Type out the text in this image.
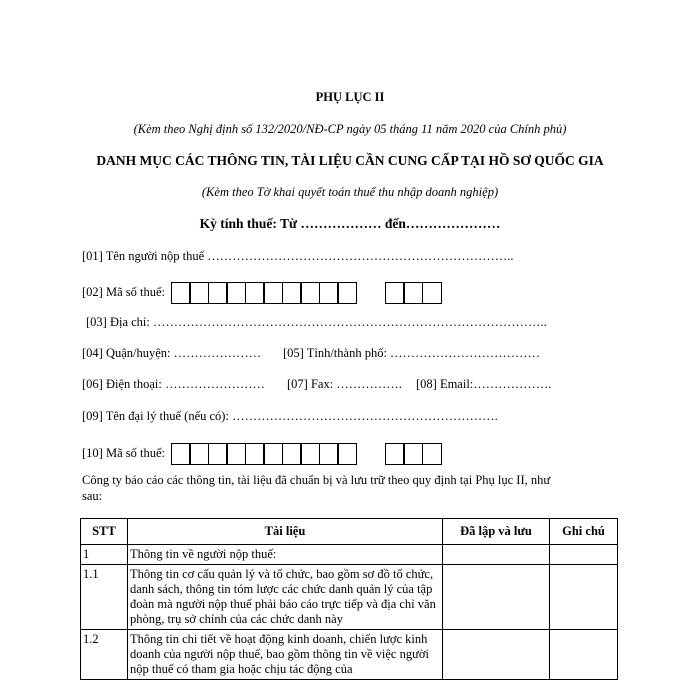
PHỤ LỤC II
(Kèm theo Nghị định số 132/2020/NĐ-CP ngày 05 tháng 11 năm 2020 của Chính phủ)
DANH MỤC CÁC THÔNG TIN, TÀI LIỆU CẦN CUNG CẤP TẠI HỒ SƠ QUỐC GIA
(Kèm theo Tờ khai quyết toán thuế thu nhập doanh nghiệp)
Kỳ tính thuế: Từ ……………… đến…………………
[01] Tên người nộp thuế ………………………………………………………………..
[02] Mã số thuế:

[03] Địa chỉ: …………………………………………………………………………………..
[04] Quận/huyện: ………………… [05] Tỉnh/thành phố: ………………………………
[06] Điện thoại: …………………… [07] Fax: ……………. [08] Email:……………….
[09] Tên đại lý thuế (nếu có): ……………………………………………………….
[10] Mã số thuế:

Công ty báo cáo các thông tin, tài liệu đã chuẩn bị và lưu trữ theo quy định tại Phụ lục II, như
sau:
STT	Tài liệu	Đã lập và lưu	Ghi chú
1	Thông tin về người nộp thuế:		
1.1	Thông tin cơ cấu quản lý và tổ chức, bao gồm sơ đồ tổ chức, danh sách, thông tin tóm lược các chức danh quản lý của tập đoàn mà người nộp thuế phải báo cáo trực tiếp và địa chỉ văn phòng, trụ sở chính của các chức danh này		
1.2	Thông tin chi tiết về hoạt động kinh doanh, chiến lược kinh doanh của người nộp thuế, bao gồm thông tin về việc người nộp thuế có tham gia hoặc chịu tác động của		
